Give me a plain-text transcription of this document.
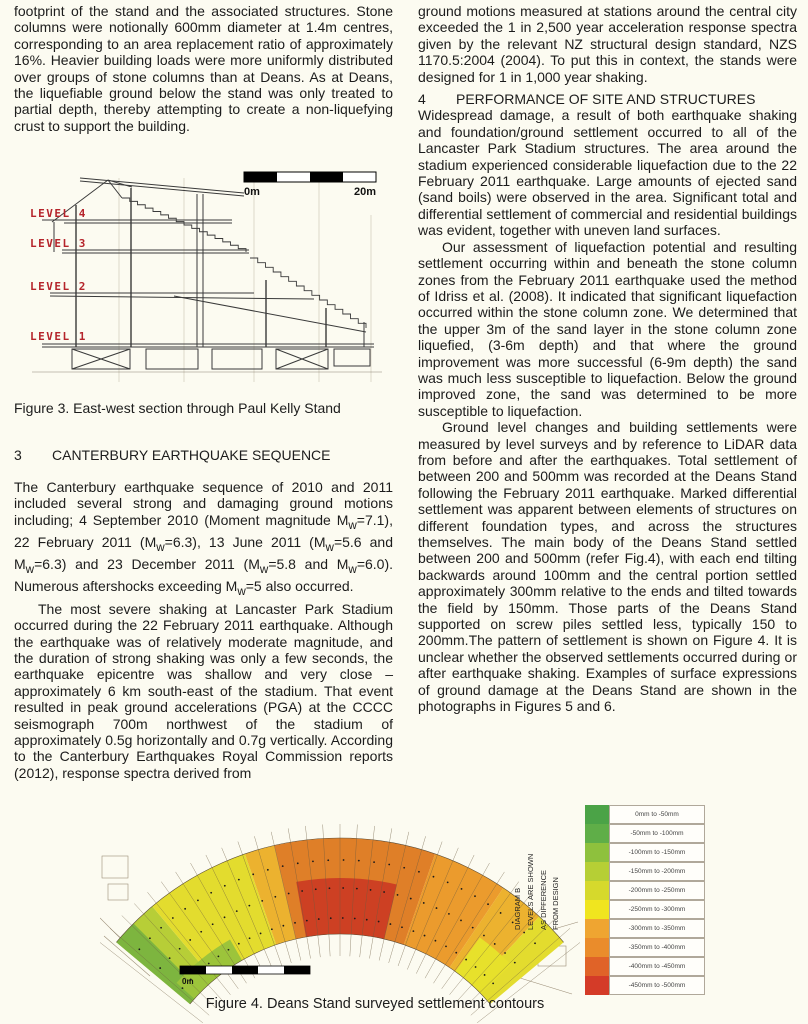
footprint of the stand and the associated structures. Stone columns were notionally 600mm diameter at 1.4m centres, corresponding to an area replacement ratio of approximately 16%. Heavier building loads were more uniformly distributed over groups of stone columns than at Deans. As at Deans, the liquefiable ground below the stand was only treated to partial depth, thereby attempting to create a non-liquefying crust to support the building.

0m	20m
LEVEL 4
LEVEL 3
LEVEL 2
LEVEL 1
Figure 3. East-west section through Paul Kelly Stand
3 CANTERBURY EARTHQUAKE SEQUENCE

The Canterbury earthquake sequence of 2010 and 2011 included several strong and damaging ground motions including; 4 September 2010 (Moment magnitude $M_w=7.1$), 22 February 2011 $(M_w=6.3)$, 13 June 2011 ($M_w=5.6$ and $M_w=6.3$) and 23 December 2011 ($M_w=5.8$ and $M_w=6.0$). Numerous aftershocks exceeding $M_w=5$ also occurred.

The most severe shaking at Lancaster Park Stadium occurred during the 22 February 2011 earthquake. Although the earthquake was of relatively moderate magnitude, and the duration of strong shaking was only a few seconds, the earthquake epicentre was shallow and very close – approximately 6 km south-east of the stadium. That event resulted in peak ground accelerations (PGA) at the CCCC seismograph 700m northwest of the stadium of approximately 0.5g horizontally and 0.7g vertically. According to the Canterbury Earthquakes Royal Commission reports (2012), response spectra derived from

ground motions measured at stations around the central city exceeded the 1 in 2,500 year acceleration response spectra given by the relevant NZ structural design standard, NZS 1170.5:2004 (2004). To put this in context, the stands were designed for 1 in 1,000 year shaking.

4 PERFORMANCE OF SITE AND STRUCTURES

Widespread damage, a result of both earthquake shaking and foundation/ground settlement occurred to all of the Lancaster Park Stadium structures. The area around the stadium experienced considerable liquefaction due to the 22 February 2011 earthquake. Large amounts of ejected sand (sand boils) were observed in the area. Significant total and differential settlement of commercial and residential buildings was evident, together with uneven land surfaces.

Our assessment of liquefaction potential and resulting settlement occurring within and beneath the stone column zones from the February 2011 earthquake used the method of Idriss et al. (2008). It indicated that significant liquefaction occurred within the stone column zone. We determined that the upper 3m of the sand layer in the stone column zone liquefied, (3-6m depth) and that where the ground improvement was more successful (6-9m depth) the sand was much less susceptible to liquefaction. Below the ground improved zone, the sand was determined to be more susceptible to liquefaction.

Ground level changes and building settlements were measured by level surveys and by reference to LiDAR data from before and after the earthquakes. Total settlement of between 200 and 500mm was recorded at the Deans Stand following the February 2011 earthquake. Marked differential settlement was apparent between elements of structures on different foundation types, and across the structures themselves. The main body of the Deans Stand settled between 200 and 500mm (refer Fig.4), with each end tilting backwards around 100mm and the central portion settled approximately 300mm relative to the ends and tilted towards the field by 150mm. Those parts of the Deans Stand supported on screw piles settled less, typically 150 to 200mm.The pattern of settlement is shown on Figure 4. It is unclear whether the observed settlements occurred during or after earthquake shaking. Examples of surface expressions of ground damage at the Deans Stand are shown in the photographs in Figures 5 and 6.

DIAGRAM B LEVELS ARE SHOWN AS DIFFERENCE FROM DESIGN
0m
0mm to -50mm
-50mm to -100mm
-100mm to -150mm
-150mm to -200mm
-200mm to -250mm
-250mm to -300mm
-300mm to -350mm
-350mm to -400mm
-400mm to -450mm
-450mm to -500mm
Figure 4. Deans Stand surveyed settlement contours
